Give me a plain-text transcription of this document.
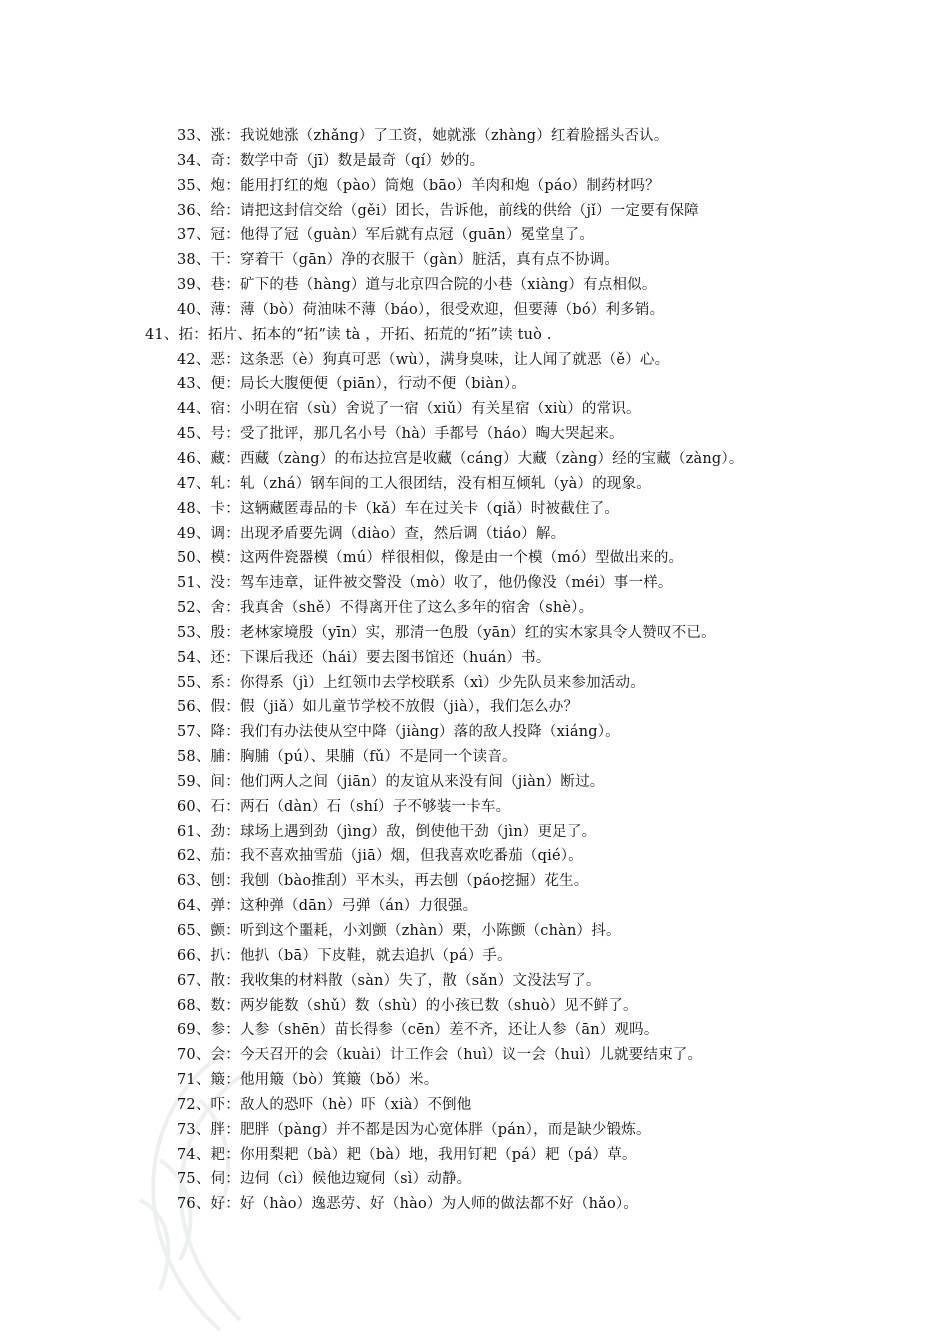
33、涨：我说她涨（zhǎng）了工资，她就涨（zhàng）红着脸摇头否认。
34、奇：数学中奇（jī）数是最奇（qí）妙的。
35、炮：能用打红的炮（pào）筒炮（bāo）羊肉和炮（páo）制药材吗？
36、给：请把这封信交给（gěi）团长，告诉他，前线的供给（jǐ）一定要有保障
37、冠：他得了冠（guàn）军后就有点冠（guān）冕堂皇了。
38、干：穿着干（gān）净的衣服干（gàn）脏活，真有点不协调。
39、巷：矿下的巷（hàng）道与北京四合院的小巷（xiàng）有点相似。
40、薄：薄（bò）荷油味不薄（báo），很受欢迎，但要薄（bó）利多销。
41、拓：拓片、拓本的“拓”读 tà ，开拓、拓荒的“拓”读 tuò .
42、恶：这条恶（è）狗真可恶（wù），满身臭味，让人闻了就恶（ě）心。
43、便：局长大腹便便（piān），行动不便（biàn）。
44、宿：小明在宿（sù）舍说了一宿（xiǔ）有关星宿（xiù）的常识。
45、号：受了批评，那几名小号（hà）手都号（háo）啕大哭起来。
46、藏：西藏（zàng）的布达拉宫是收藏（cáng）大藏（zàng）经的宝藏（zàng）。
47、轧：轧（zhá）钢车间的工人很团结，没有相互倾轧（yà）的现象。
48、卡：这辆藏匿毒品的卡（kǎ）车在过关卡（qiǎ）时被截住了。
49、调：出现矛盾要先调（diào）查，然后调（tiáo）解。
50、模：这两件瓷器模（mú）样很相似，像是由一个模（mó）型做出来的。
51、没：驾车违章，证件被交警没（mò）收了，他仍像没（méi）事一样。
52、舍：我真舍（shě）不得离开住了这么多年的宿舍（shè）。
53、殷：老林家境殷（yīn）实，那清一色殷（yān）红的实木家具令人赞叹不已。
54、还：下课后我还（hái）要去图书馆还（huán）书。
55、系：你得系（jì）上红领巾去学校联系（xì）少先队员来参加活动。
56、假：假（jiǎ）如儿童节学校不放假（jià），我们怎么办？
57、降：我们有办法使从空中降（jiàng）落的敌人投降（xiáng）。
58、脯：胸脯（pú）、果脯（fǔ）不是同一个读音。
59、间：他们两人之间（jiān）的友谊从来没有间（jiàn）断过。
60、石：两石（dàn）石（shí）子不够装一卡车。
61、劲：球场上遇到劲（jìng）敌，倒使他干劲（jìn）更足了。
62、茄：我不喜欢抽雪茄（jiā）烟，但我喜欢吃番茄（qié）。
63、刨：我刨（bào推刮）平木头，再去刨（páo挖掘）花生。
64、弹：这种弹（dān）弓弹（án）力很强。
65、颤：听到这个噩耗，小刘颤（zhàn）栗，小陈颤（chàn）抖。
66、扒：他扒（bā）下皮鞋，就去追扒（pá）手。
67、散：我收集的材料散（sàn）失了，散（sǎn）文没法写了。
68、数：两岁能数（shǔ）数（shù）的小孩已数（shuò）见不鲜了。
69、参：人参（shēn）苗长得参（cēn）差不齐，还让人参（ān）观吗。
70、会：今天召开的会（kuài）计工作会（huì）议一会（huì）儿就要结束了。
71、簸：他用簸（bò）箕簸（bǒ）米。
72、吓：敌人的恐吓（hè）吓（xià）不倒他
73、胖：肥胖（pàng）并不都是因为心宽体胖（pán），而是缺少锻炼。
74、耙：你用梨耙（bà）耙（bà）地，我用钉耙（pá）耙（pá）草。
75、伺：边伺（cì）候他边窥伺（sì）动静。
76、好：好（hào）逸恶劳、好（hào）为人师的做法都不好（hǎo）。
